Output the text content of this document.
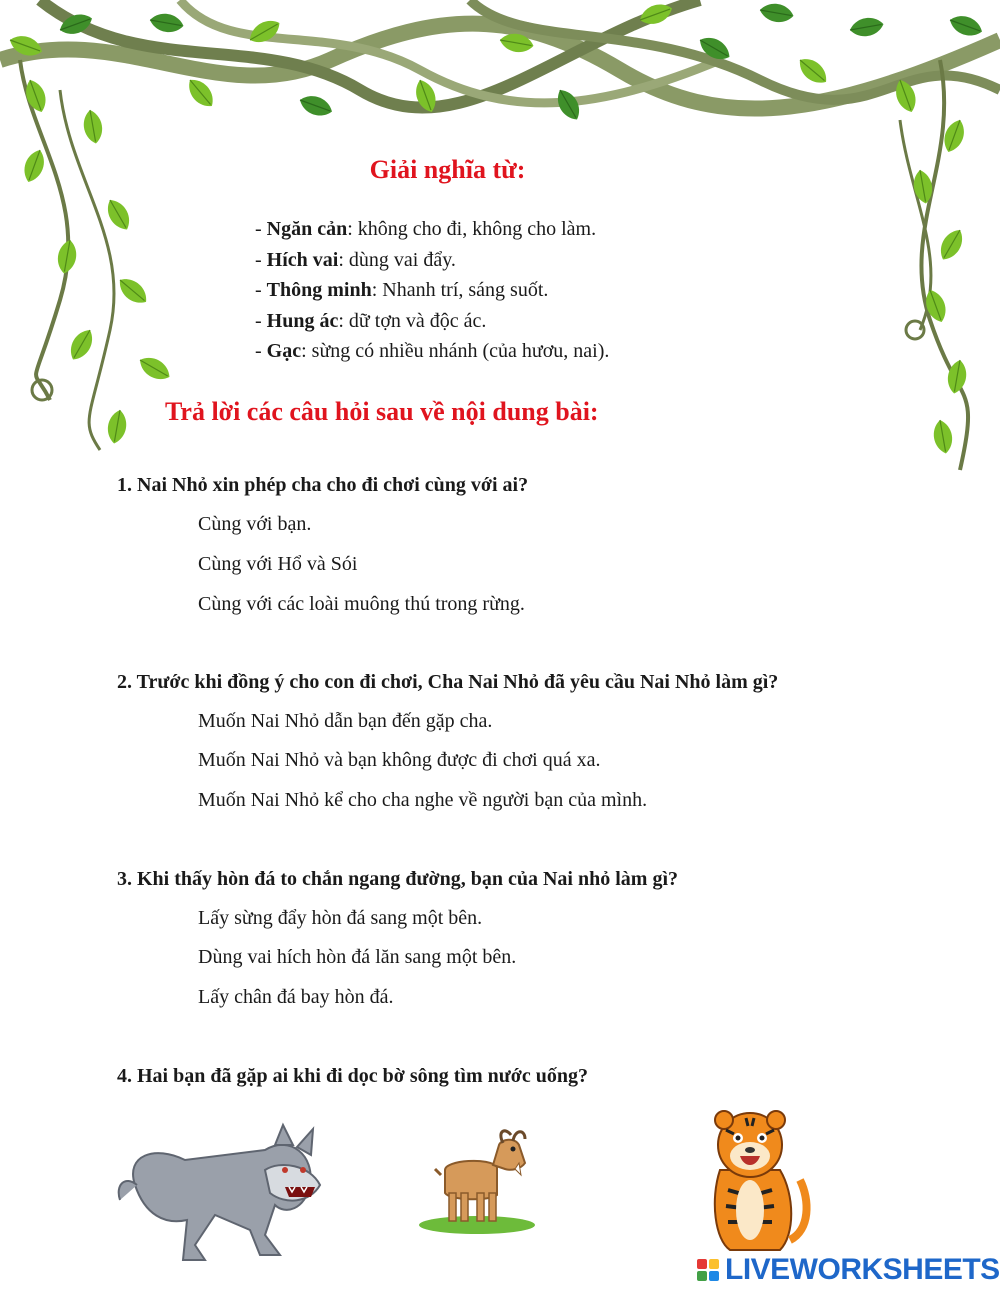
Giải nghĩa từ:
- Ngăn cản: không cho đi, không cho làm.
- Hích vai: dùng vai đẩy.
- Thông minh: Nhanh trí, sáng suốt.
- Hung ác: dữ tợn và độc ác.
- Gạc: sừng có nhiều nhánh (của hươu, nai).
Trả lời các câu hỏi sau về nội dung bài:
1. Nai Nhỏ xin phép cha cho đi chơi cùng với ai?
Cùng với bạn.
Cùng với Hổ và Sói
Cùng với các loài muông thú trong rừng.
2. Trước khi đồng ý cho con đi chơi, Cha Nai Nhỏ đã yêu cầu Nai Nhỏ làm gì?
Muốn Nai Nhỏ dẫn bạn đến gặp cha.
Muốn Nai Nhỏ và bạn không được đi chơi quá xa.
Muốn Nai Nhỏ kể cho cha nghe về người bạn của mình.
3. Khi thấy hòn đá to chắn ngang đường, bạn của Nai nhỏ làm gì?
Lấy sừng đẩy hòn đá sang một bên.
Dùng vai hích hòn đá lăn sang một bên.
Lấy chân đá bay hòn đá.
4. Hai bạn đã gặp ai khi đi dọc bờ sông tìm nước uống?
LIVEWORKSHEETS
